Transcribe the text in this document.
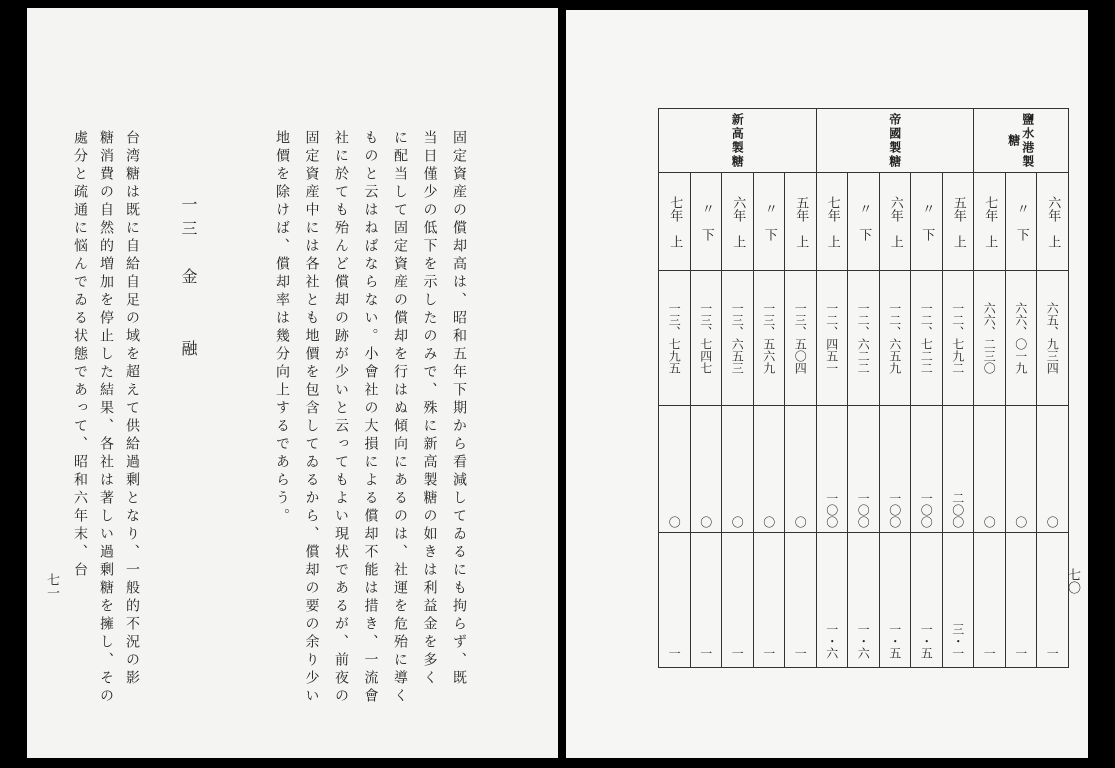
固定資産の償却高は、昭和五年下期から看減してゐるにも拘らず、既
当日僅少の低下を示したのみで、殊に新高製糖の如きは利益金を多く
に配当して固定資産の償却を行はぬ傾向にあるのは、社運を危殆に導く
ものと云はねばならない。小會社の大損による償却不能は措き、一流會
社に於ても殆んど償却の跡が少いと云ってもよい現状であるが、前夜の
固定資産中には各社とも地價を包含してゐるから、償却の要の余り少い
地價を除けば、償却率は幾分向上するであらう。
一三　金　　融
台湾糖は既に自給自足の域を超えて供給過剰となり、一般的不況の影
糖消費の自然的増加を停止した結果、各社は著しい過剰糖を擁し、その
處分と疏通に悩んでゐる状態であって、昭和六年末、台
七一
新高製糖					帝國製糖					鹽水港製糖		

七年　上	〃　下	六年　上	〃　下	五年　上	七年　上	〃　下	六年　上	〃　下	五年　上	七年　上	〃　下	六年　上

一三、七九五	一三、七四七	一三、六五三	一三、五六九	一三、五〇四	一二、四五一	一二、六二二	一二、六五九	一二、七二二	一二、七九二	六六、二三〇	六六、〇一九	六五、九三四

〇	〇	〇	〇	〇	一〇〇	一〇〇	一〇〇	一〇〇	二〇〇	〇	〇	〇

一	一	一	一	一	一・六	一・六	一・五	一・五	三・一	一	一	一
七〇
